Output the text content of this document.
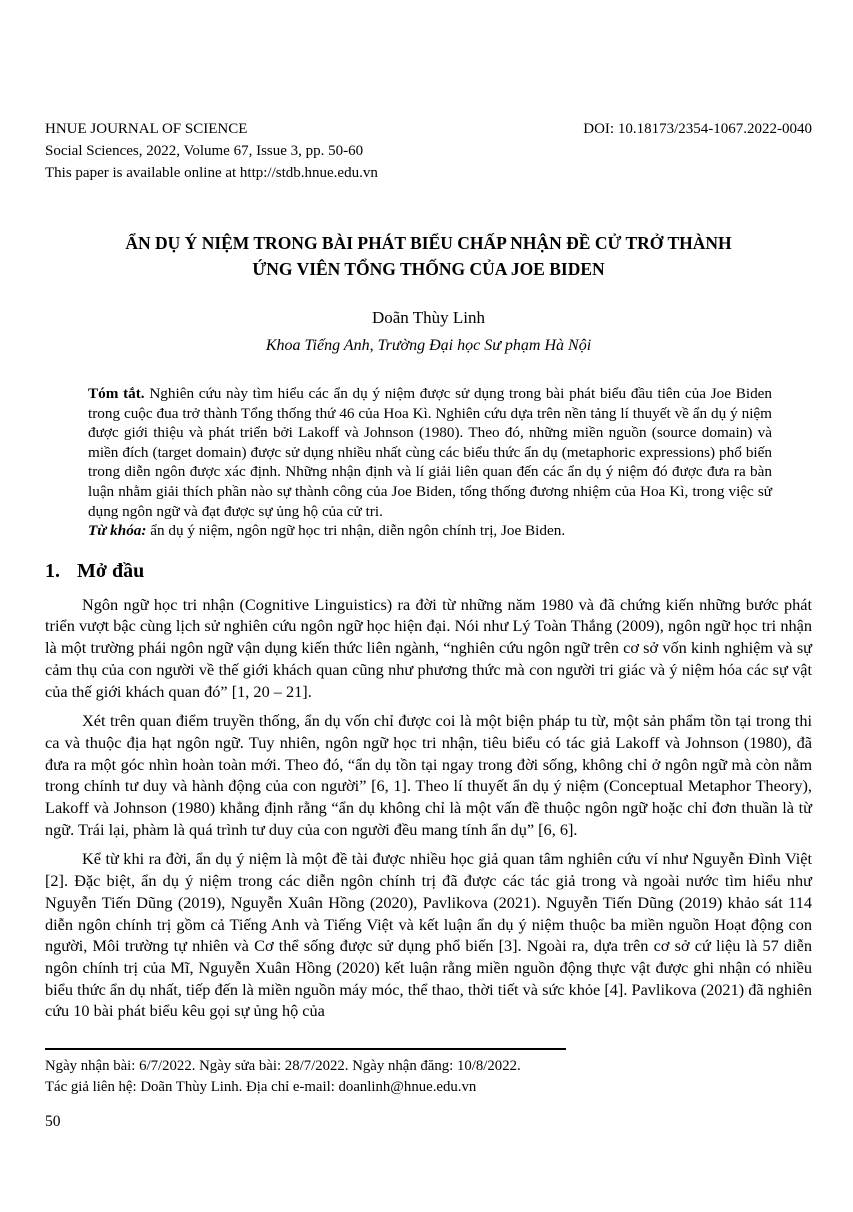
HNUE JOURNAL OF SCIENCE	DOI: 10.18173/2354-1067.2022-0040
Social Sciences, 2022, Volume 67, Issue 3, pp. 50-60
This paper is available online at http://stdb.hnue.edu.vn
ẨN DỤ Ý NIỆM TRONG BÀI PHÁT BIỂU CHẤP NHẬN ĐỀ CỬ TRỞ THÀNH ỨNG VIÊN TỔNG THỐNG CỦA JOE BIDEN
Doãn Thùy Linh
Khoa Tiếng Anh, Trường Đại học Sư phạm Hà Nội
Tóm tắt. Nghiên cứu này tìm hiểu các ẩn dụ ý niệm được sử dụng trong bài phát biểu đầu tiên của Joe Biden trong cuộc đua trở thành Tổng thống thứ 46 của Hoa Kì. Nghiên cứu dựa trên nền tảng lí thuyết về ẩn dụ ý niệm được giới thiệu và phát triển bởi Lakoff và Johnson (1980). Theo đó, những miền nguồn (source domain) và miền đích (target domain) được sử dụng nhiều nhất cùng các biểu thức ẩn dụ (metaphoric expressions) phổ biến trong diễn ngôn được xác định. Những nhận định và lí giải liên quan đến các ẩn dụ ý niệm đó được đưa ra bàn luận nhằm giải thích phần nào sự thành công của Joe Biden, tổng thống đương nhiệm của Hoa Kì, trong việc sử dụng ngôn ngữ và đạt được sự ủng hộ của cử tri.
Từ khóa: ẩn dụ ý niệm, ngôn ngữ học tri nhận, diễn ngôn chính trị, Joe Biden.
1. Mở đầu

Ngôn ngữ học tri nhận (Cognitive Linguistics) ra đời từ những năm 1980 và đã chứng kiến những bước phát triển vượt bậc cùng lịch sử nghiên cứu ngôn ngữ học hiện đại. Nói như Lý Toàn Thắng (2009), ngôn ngữ học tri nhận là một trường phái ngôn ngữ vận dụng kiến thức liên ngành, “nghiên cứu ngôn ngữ trên cơ sở vốn kinh nghiệm và sự cảm thụ của con người về thế giới khách quan cũng như phương thức mà con người tri giác và ý niệm hóa các sự vật của thế giới khách quan đó” [1, 20 – 21].

Xét trên quan điểm truyền thống, ẩn dụ vốn chỉ được coi là một biện pháp tu từ, một sản phẩm tồn tại trong thi ca và thuộc địa hạt ngôn ngữ. Tuy nhiên, ngôn ngữ học tri nhận, tiêu biểu có tác giả Lakoff và Johnson (1980), đã đưa ra một góc nhìn hoàn toàn mới. Theo đó, “ẩn dụ tồn tại ngay trong đời sống, không chỉ ở ngôn ngữ mà còn nằm trong chính tư duy và hành động của con người” [6, 1]. Theo lí thuyết ẩn dụ ý niệm (Conceptual Metaphor Theory), Lakoff và Johnson (1980) khẳng định rằng “ẩn dụ không chỉ là một vấn đề thuộc ngôn ngữ hoặc chỉ đơn thuần là từ ngữ. Trái lại, phàm là quá trình tư duy của con người đều mang tính ẩn dụ” [6, 6].

Kể từ khi ra đời, ẩn dụ ý niệm là một đề tài được nhiều học giả quan tâm nghiên cứu ví như Nguyễn Đình Việt [2]. Đặc biệt, ẩn dụ ý niệm trong các diễn ngôn chính trị đã được các tác giả trong và ngoài nước tìm hiểu như Nguyễn Tiến Dũng (2019), Nguyễn Xuân Hồng (2020), Pavlikova (2021). Nguyễn Tiến Dũng (2019) khảo sát 114 diễn ngôn chính trị gồm cả Tiếng Anh và Tiếng Việt và kết luận ẩn dụ ý niệm thuộc ba miền nguồn Hoạt động con người, Môi trường tự nhiên và Cơ thể sống được sử dụng phổ biến [3]. Ngoài ra, dựa trên cơ sở cứ liệu là 57 diễn ngôn chính trị của Mĩ, Nguyễn Xuân Hồng (2020) kết luận rằng miền nguồn động thực vật được ghi nhận có nhiều biểu thức ẩn dụ nhất, tiếp đến là miền nguồn máy móc, thể thao, thời tiết và sức khỏe [4]. Pavlikova (2021) đã nghiên cứu 10 bài phát biểu kêu gọi sự ủng hộ của

Ngày nhận bài: 6/7/2022. Ngày sửa bài: 28/7/2022. Ngày nhận đăng: 10/8/2022.
Tác giả liên hệ: Doãn Thùy Linh. Địa chỉ e-mail: doanlinh@hnue.edu.vn
50
